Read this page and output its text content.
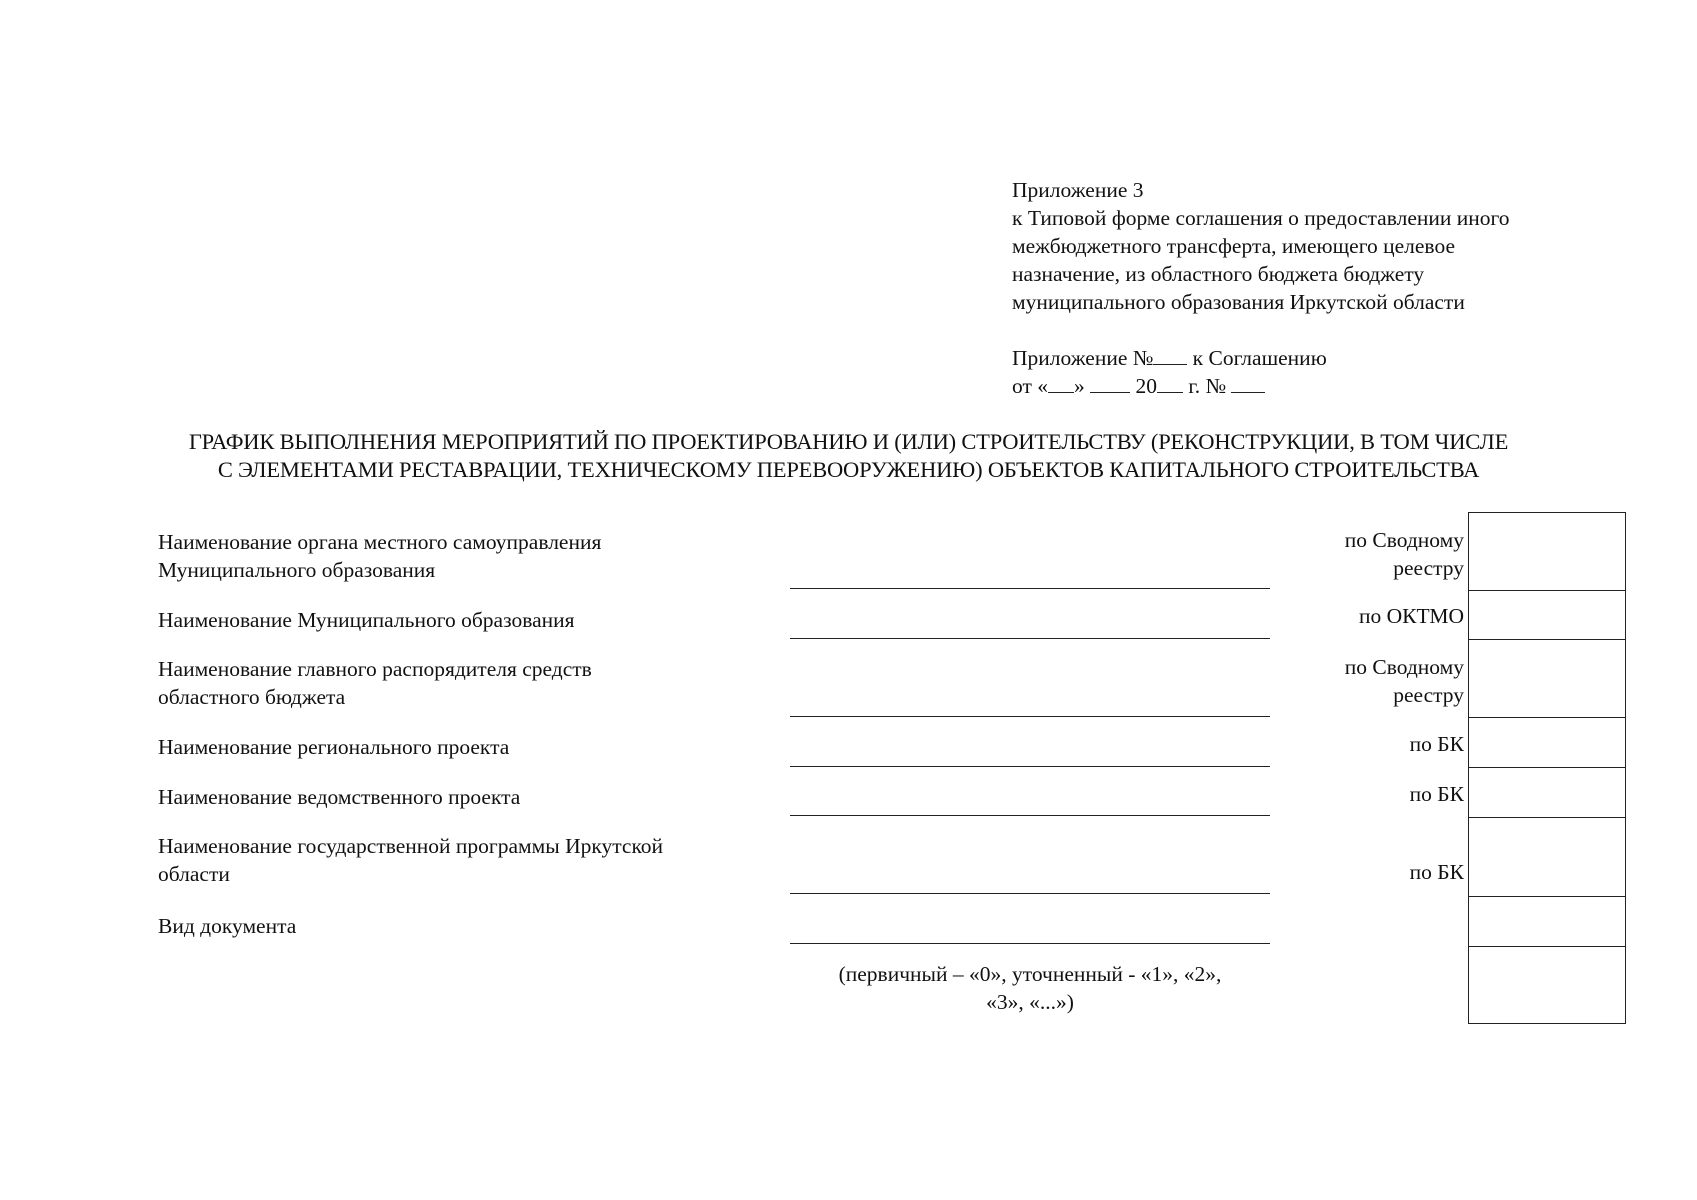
Приложение 3
к Типовой форме соглашения о предоставлении иного
межбюджетного трансферта, имеющего целевое
назначение, из областного бюджета бюджету
муниципального образования Иркутской области
Приложение № к Соглашению
от « » 20 г. №
ГРАФИК ВЫПОЛНЕНИЯ МЕРОПРИЯТИЙ ПО ПРОЕКТИРОВАНИЮ И (ИЛИ) СТРОИТЕЛЬСТВУ (РЕКОНСТРУКЦИИ, В ТОМ ЧИСЛЕ
С ЭЛЕМЕНТАМИ РЕСТАВРАЦИИ, ТЕХНИЧЕСКОМУ ПЕРЕВООРУЖЕНИЮ) ОБЪЕКТОВ КАПИТАЛЬНОГО СТРОИТЕЛЬСТВА
Наименование органа местного самоуправления
Муниципального образования
Наименование Муниципального образования
Наименование главного распорядителя средств
областного бюджета
Наименование регионального проекта
Наименование ведомственного проекта
Наименование государственной программы Иркутской
области
Вид документа
(первичный – «0», уточненный - «1», «2»,
«3», «...»)
по Сводному
реестру
по ОКТМО
по Сводному
реестру
по БК
по БК
по БК
